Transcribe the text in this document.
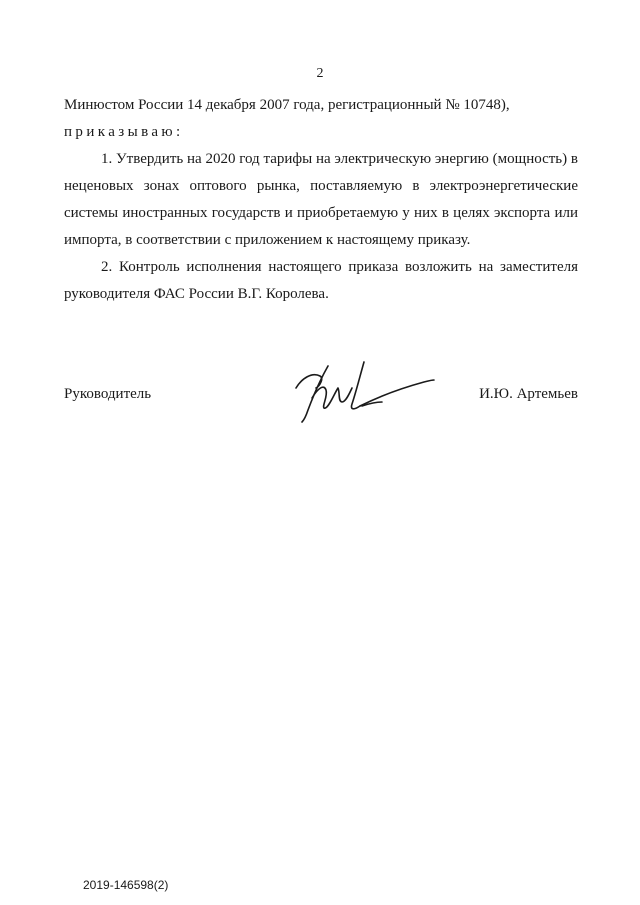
2
Минюстом России 14 декабря 2007 года, регистрационный № 10748),
приказываю:
1. Утвердить на 2020 год тарифы на электрическую энергию (мощность) в
неценовых зонах оптового рынка, поставляемую в электроэнергетические
системы иностранных государств и приобретаемую у них в целях экспорта или
импорта, в соответствии с приложением к настоящему приказу.
2. Контроль исполнения настоящего приказа возложить на заместителя
руководителя ФАС России В.Г. Королева.
Руководитель	И.Ю. Артемьев
2019-146598(2)
